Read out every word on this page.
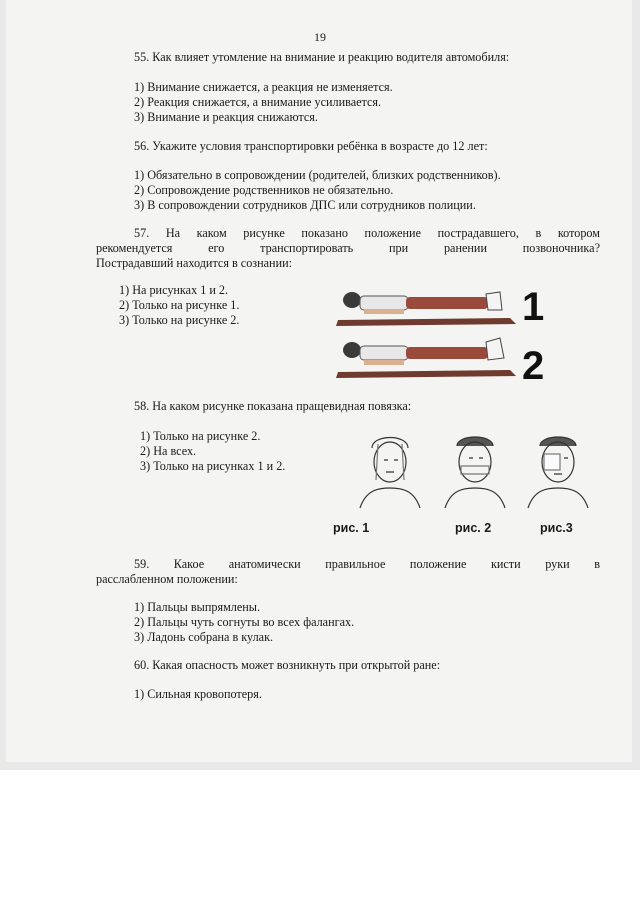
19
55. Как влияет утомление на внимание и реакцию водителя автомобиля:
1) Внимание снижается, а реакция не изменяется.
2) Реакция снижается, а внимание усиливается.
3) Внимание и реакция снижаются.
56. Укажите условия транспортировки ребёнка в возрасте до 12 лет:
1) Обязательно в сопровождении (родителей, близких родственников).
2) Сопровождение родственников не обязательно.
3) В сопровождении сотрудников ДПС или сотрудников полиции.
57. На каком рисунке показано положение пострадавшего, в котором
рекомендуется его транспортировать при ранении позвоночника?
Пострадавший находится в сознании:
1) На рисунках 1 и 2.
2) Только на рисунке 1.
3) Только на рисунке 2.	1
2
58. На каком рисунке показана пращевидная повязка:
1) Только на рисунке 2.
2) На всех.
3) Только на рисунках 1 и 2.
рис. 1	рис. 2	рис.3
59. Какое анатомически правильное положение кисти руки в
расслабленном положении:
1) Пальцы выпрямлены.
2) Пальцы чуть согнуты во всех фалангах.
3) Ладонь собрана в кулак.
60. Какая опасность может возникнуть при открытой ране:
1) Сильная кровопотеря.
